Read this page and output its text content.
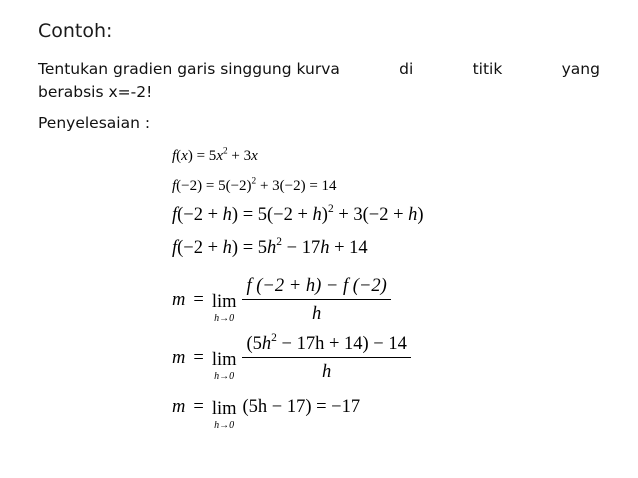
Contoh:
Tentukan gradien garis singgung kurva	di	titik	yang
berabsis x=-2!
Penyelesaian :
$f(x) = 5x^2 + 3x$
$f(-2) = 5(-2)^2 + 3(-2) = 14$
$f(-2 + h) = 5(-2 + h)^2 + 3(-2 + h)$
$f(-2 + h) = 5h^2 - 17h + 14$
m = lim
$h\to 0 \frac{f (-2 + h) - f (-2)}{h}$
m = lim
$h\to 0 \frac{(5h^2 - 17h + 14) - 14}{h}$
m = lim
h→0
(5h − 17) = −17
